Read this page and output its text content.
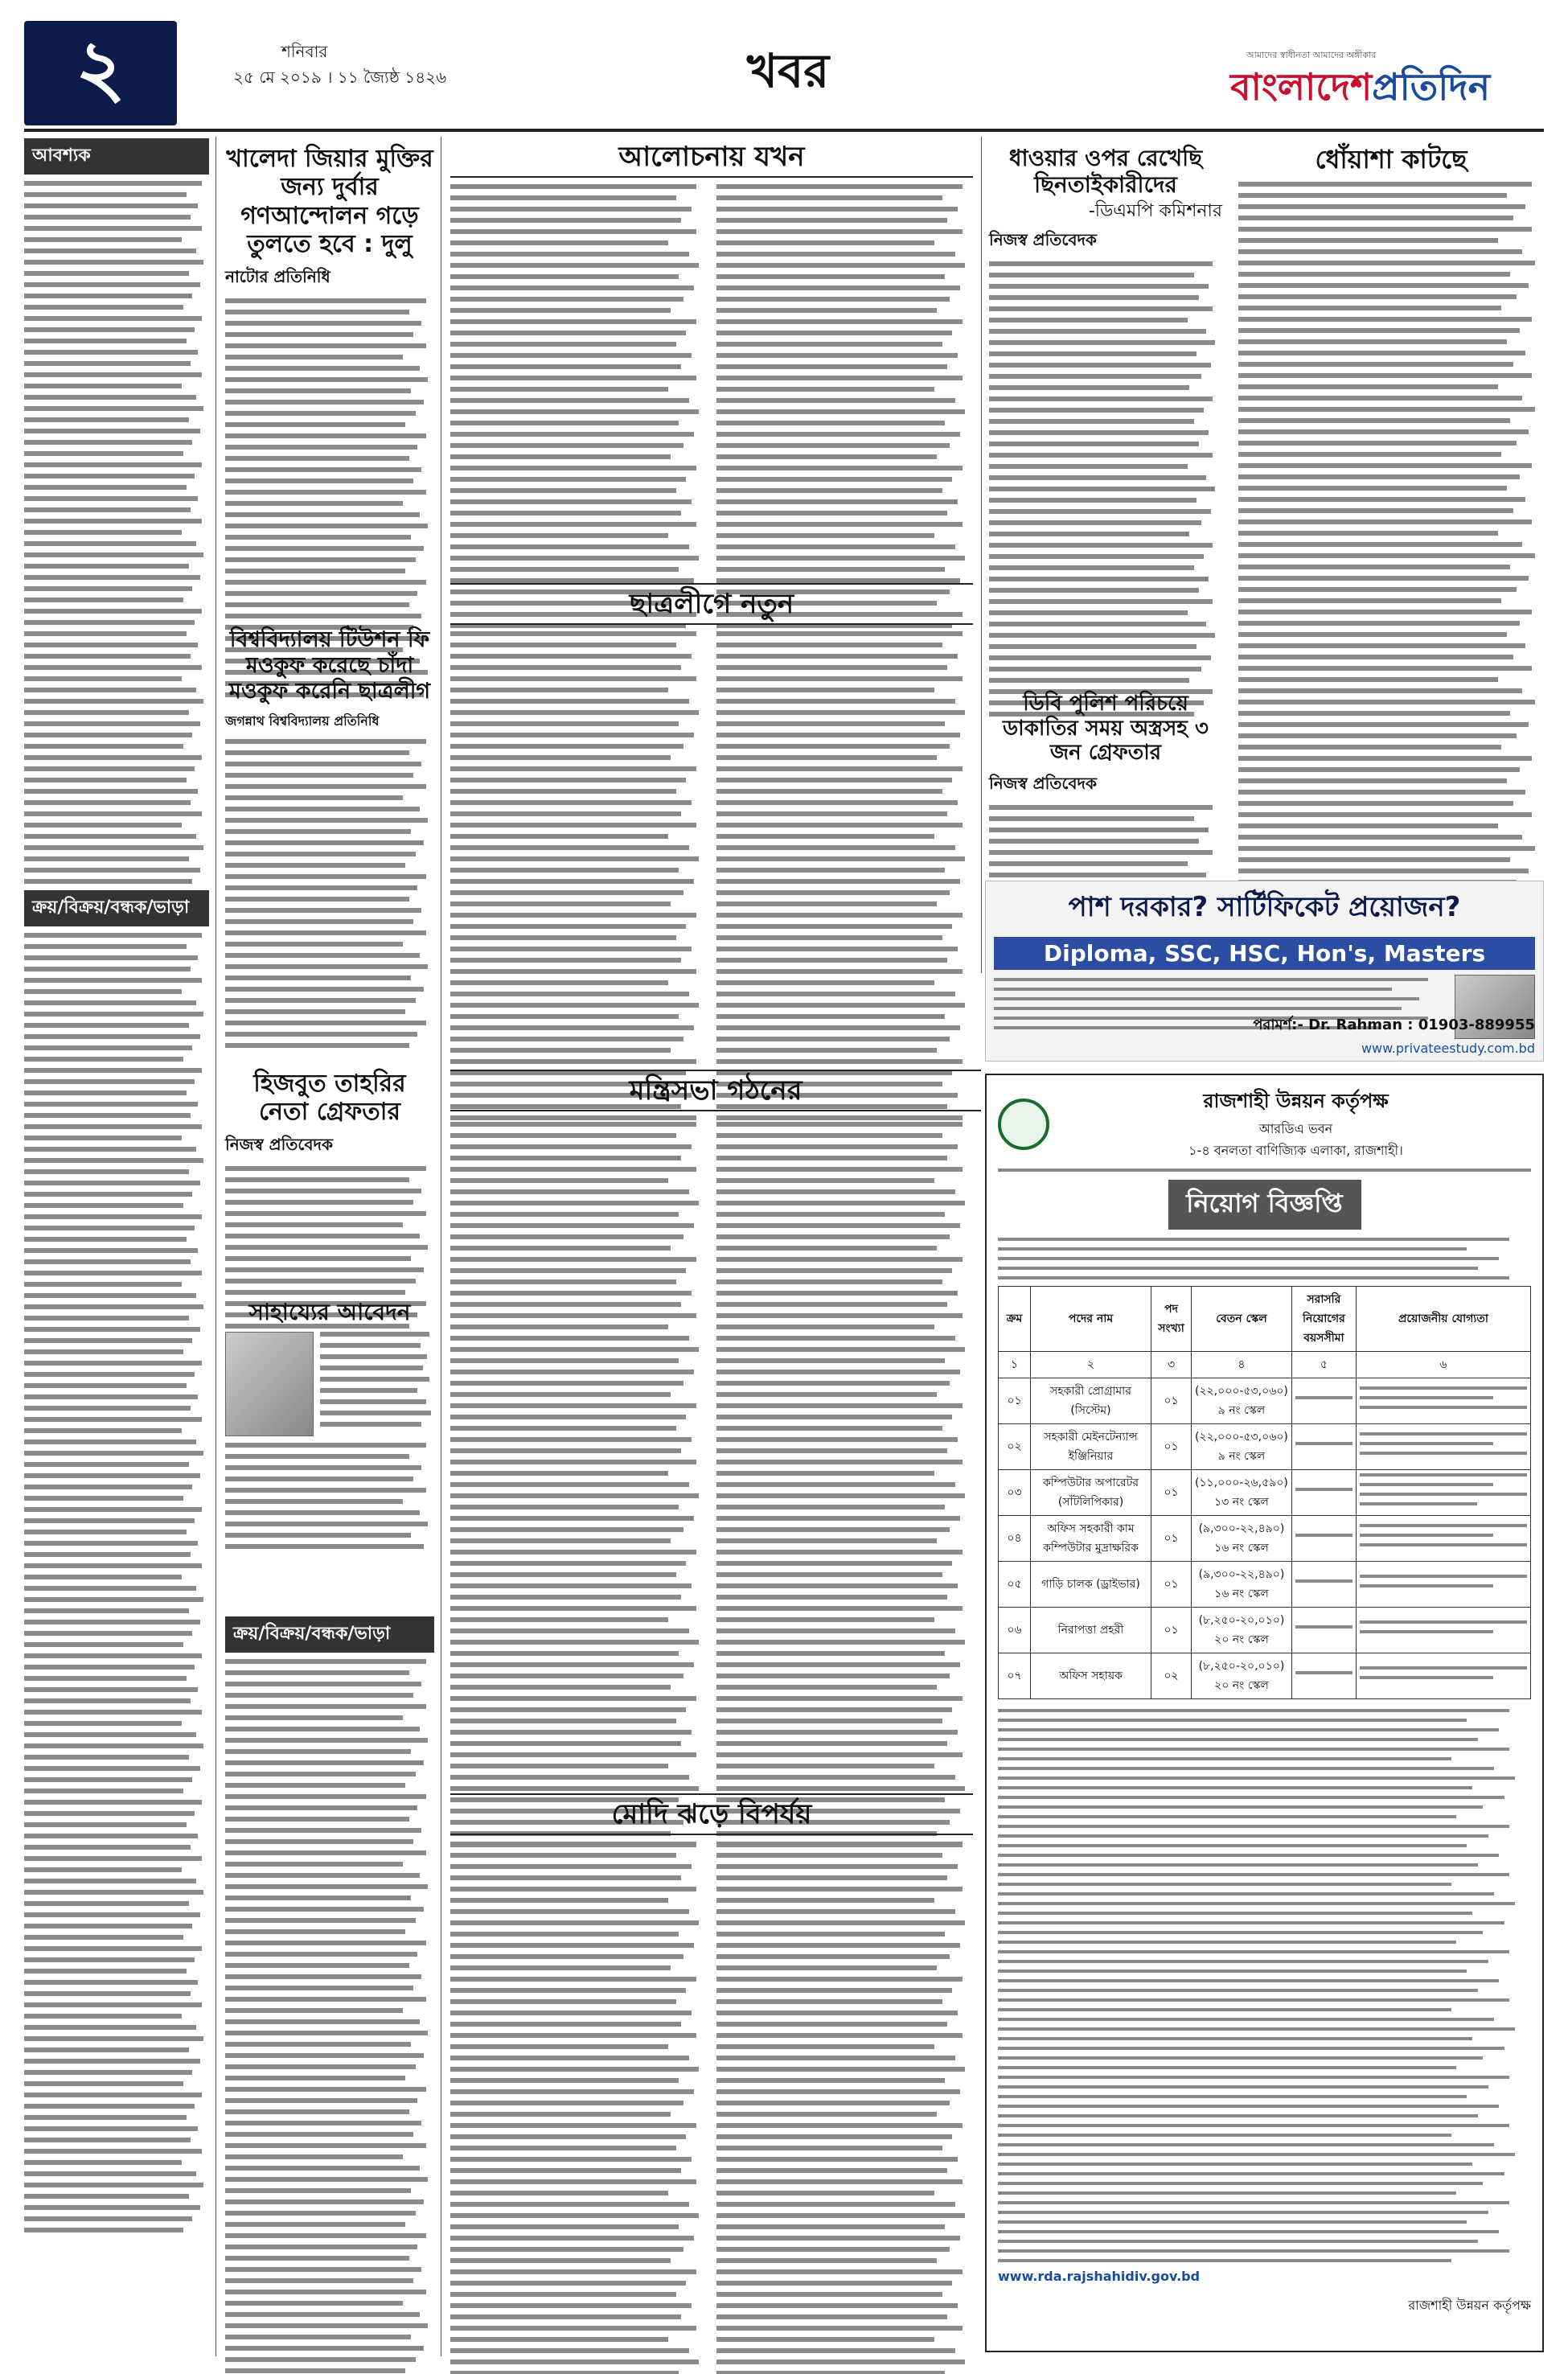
২	শনিবার
২৫ মে ২০১৯ । ১১ জ্যৈষ্ঠ ১৪২৬	খবর	আমাদের স্বাধীনতা আমাদের অঙ্গীকার
বাংলাদেশপ্রতিদিন
আবশ্যক
ক্রয়/বিক্রয়/বন্ধক/ভাড়া
খালেদা জিয়ার মুক্তির জন্য দুর্বার গণআন্দোলন গড়ে তুলতে হবে : দুলু
নাটোর প্রতিনিধি
বিশ্ববিদ্যালয় টিউশন ফি মওকুফ করেছে চাঁদা মওকুফ করেনি ছাত্রলীগ
জগন্নাথ বিশ্ববিদ্যালয় প্রতিনিধি
হিজবুত তাহরির নেতা গ্রেফতার
নিজস্ব প্রতিবেদক
সাহায্যের আবেদন
ক্রয়/বিক্রয়/বন্ধক/ভাড়া
আলোচনায় যখন
ছাত্রলীগে নতুন
মন্ত্রিসভা গঠনের
মোদি ঝড়ে বিপর্যয়
ধাওয়ার ওপর রেখেছি ছিনতাইকারীদের
-ডিএমপি কমিশনার
নিজস্ব প্রতিবেদক
ডিবি পুলিশ পরিচয়ে ডাকাতির সময় অস্ত্রসহ ৩ জন গ্রেফতার
নিজস্ব প্রতিবেদক
ধোঁয়াশা কাটছে
পাশ দরকার? সার্টিফিকেট প্রয়োজন?
Diploma, SSC, HSC, Hon's, Masters
পরামর্শ:- Dr. Rahman : 01903-889955
www.privateestudy.com.bd
রাজশাহী উন্নয়ন কর্তৃপক্ষ
আরডিএ ভবন
১-৪ বনলতা বাণিজ্যিক এলাকা, রাজশাহী।
নিয়োগ বিজ্ঞপ্তি
ক্রম	পদের নাম	পদ সংখ্যা	বেতন স্কেল	সরাসরি নিয়োগের বয়সসীমা	প্রয়োজনীয় যোগ্যতা
১	২	৩	৪	৫	৬
০১	সহকারী প্রোগ্রামার (সিস্টেম)	০১	(২২,০০০-৫৩,০৬০) ৯ নং স্কেল	

০২	সহকারী মেইনটেন্যান্স ইঞ্জিনিয়ার	০১	(২২,০০০-৫৩,০৬০) ৯ নং স্কেল	

০৩	কম্পিউটার অপারেটর (সাঁটলিপিকার)	০১	(১১,০০০-২৬,৫৯০) ১৩ নং স্কেল	

০৪	অফিস সহকারী কাম কম্পিউটার মুদ্রাক্ষরিক	০১	(৯,৩০০-২২,৪৯০) ১৬ নং স্কেল	

০৫	গাড়ি চালক (ড্রাইভার)	০১	(৯,৩০০-২২,৪৯০) ১৬ নং স্কেল	

০৬	নিরাপত্তা প্রহরী	০১	(৮,২৫০-২০,০১০) ২০ নং স্কেল	

০৭	অফিস সহায়ক	০২	(৮,২৫০-২০,০১০) ২০ নং স্কেল	

www.rda.rajshahidiv.gov.bd
রাজশাহী উন্নয়ন কর্তৃপক্ষ
